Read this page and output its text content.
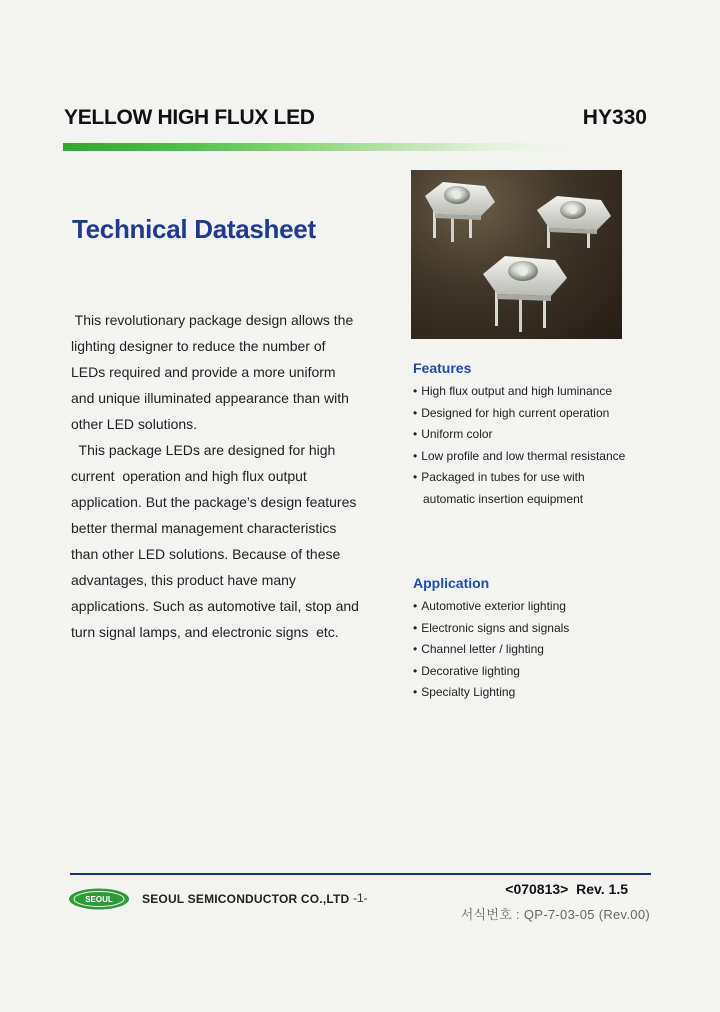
YELLOW HIGH FLUX LED	HY330
Technical Datasheet

This revolutionary package design allows the

lighting designer to reduce the number of

LEDs required and provide a more uniform

and unique illuminated appearance than with

other LED solutions.

This package LEDs are designed for high

current  operation and high flux output

application. But the package’s design features

better thermal management characteristics

than other LED solutions. Because of these

advantages, this product have many

applications. Such as automotive tail, stop and

turn signal lamps, and electronic signs  etc.

Features
• High flux output and high luminance
• Designed for high current operation
• Uniform color
• Low profile and low thermal resistance
• Packaged in tubes for use with
automatic insertion equipment
Application
• Automotive exterior lighting
• Electronic signs and signals
• Channel letter / lighting
• Decorative lighting
• Specialty Lighting
SEOUL SEOUL SEMICONDUCTOR CO.,LTD -1-
<070813>  Rev. 1.5
서식번호 : QP-7-03-05 (Rev.00)
